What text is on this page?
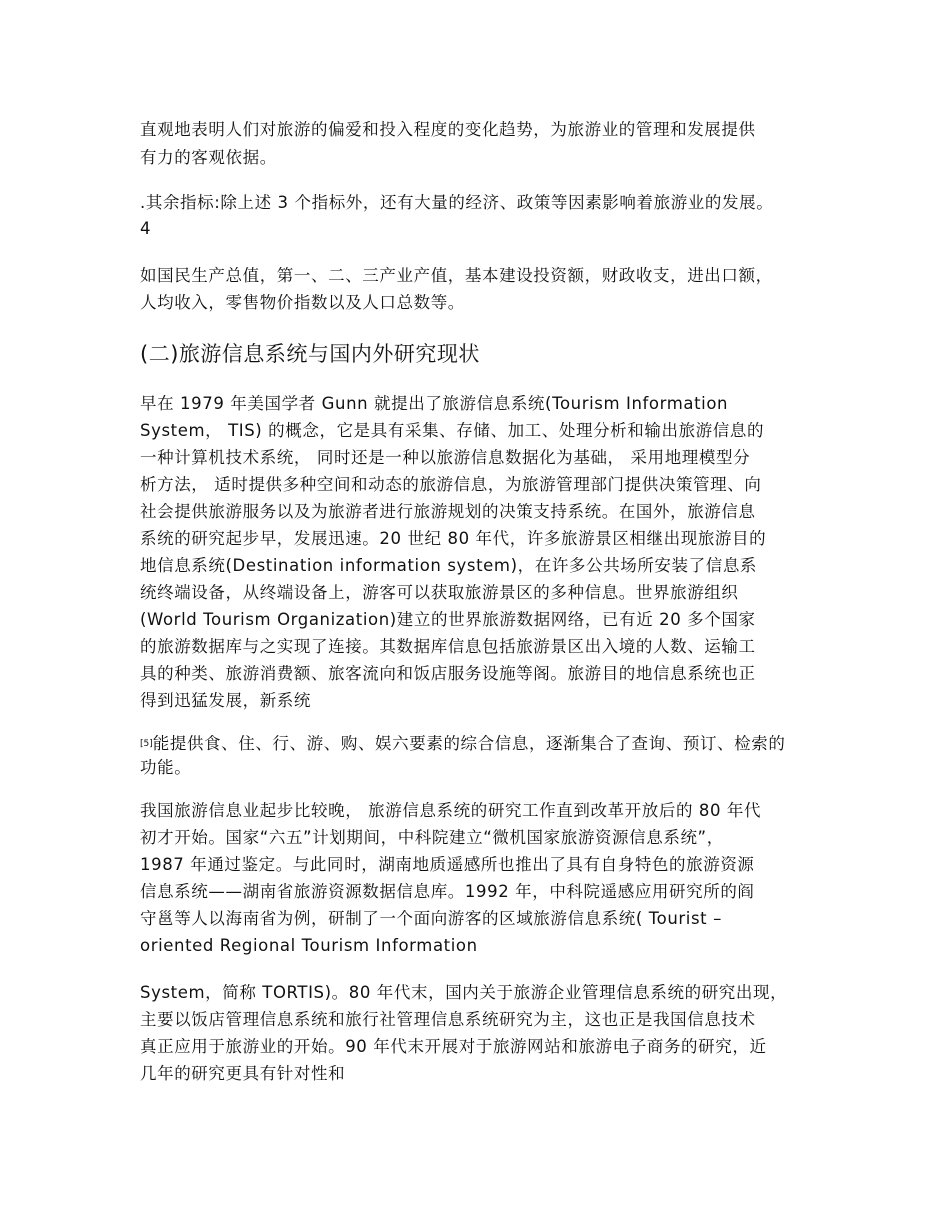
直观地表明人们对旅游的偏爱和投入程度的变化趋势，为旅游业的管理和发展提供
有力的客观依据。
.其余指标:除上述 3 个指标外，还有大量的经济、政策等因素影响着旅游业的发展。
4
如国民生产总值，第一、二、三产业产值，基本建设投资额，财政收支，进出口额，
人均收入，零售物价指数以及人口总数等。
(二)旅游信息系统与国内外研究现状
早在 1979 年美国学者 Gunn 就提出了旅游信息系统(Tourism Information
System， TIS) 的概念，它是具有采集、存储、加工、处理分析和输出旅游信息的
一种计算机技术系统， 同时还是一种以旅游信息数据化为基础， 采用地理模型分
析方法， 适时提供多种空间和动态的旅游信息，为旅游管理部门提供决策管理、向
社会提供旅游服务以及为旅游者进行旅游规划的决策支持系统。在国外，旅游信息
系统的研究起步早，发展迅速。20 世纪 80 年代，许多旅游景区相继出现旅游目的
地信息系统(Destination information system)，在许多公共场所安装了信息系
统终端设备，从终端设备上，游客可以获取旅游景区的多种信息。世界旅游组织
(World Tourism Organization)建立的世界旅游数据网络，已有近 20 多个国家
的旅游数据库与之实现了连接。其数据库信息包括旅游景区出入境的人数、运输工
具的种类、旅游消费额、旅客流向和饭店服务设施等阁。旅游目的地信息系统也正
得到迅猛发展，新系统
[5]能提供食、住、行、游、购、娱六要素的综合信息，逐渐集合了查询、预订、检索的
功能。
我国旅游信息业起步比较晚， 旅游信息系统的研究工作直到改革开放后的 80 年代
初才开始。国家“六五”计划期间，中科院建立“微机国家旅游资源信息系统”，
1987 年通过鉴定。与此同时，湖南地质遥感所也推出了具有自身特色的旅游资源
信息系统——湖南省旅游资源数据信息库。1992 年，中科院遥感应用研究所的阎
守邕等人以海南省为例，研制了一个面向游客的区域旅游信息系统( Tourist –
oriented Regional Tourism Information
System，简称 TORTIS)。80 年代末，国内关于旅游企业管理信息系统的研究出现，
主要以饭店管理信息系统和旅行社管理信息系统研究为主，这也正是我国信息技术
真正应用于旅游业的开始。90 年代末开展对于旅游网站和旅游电子商务的研究，近
几年的研究更具有针对性和
